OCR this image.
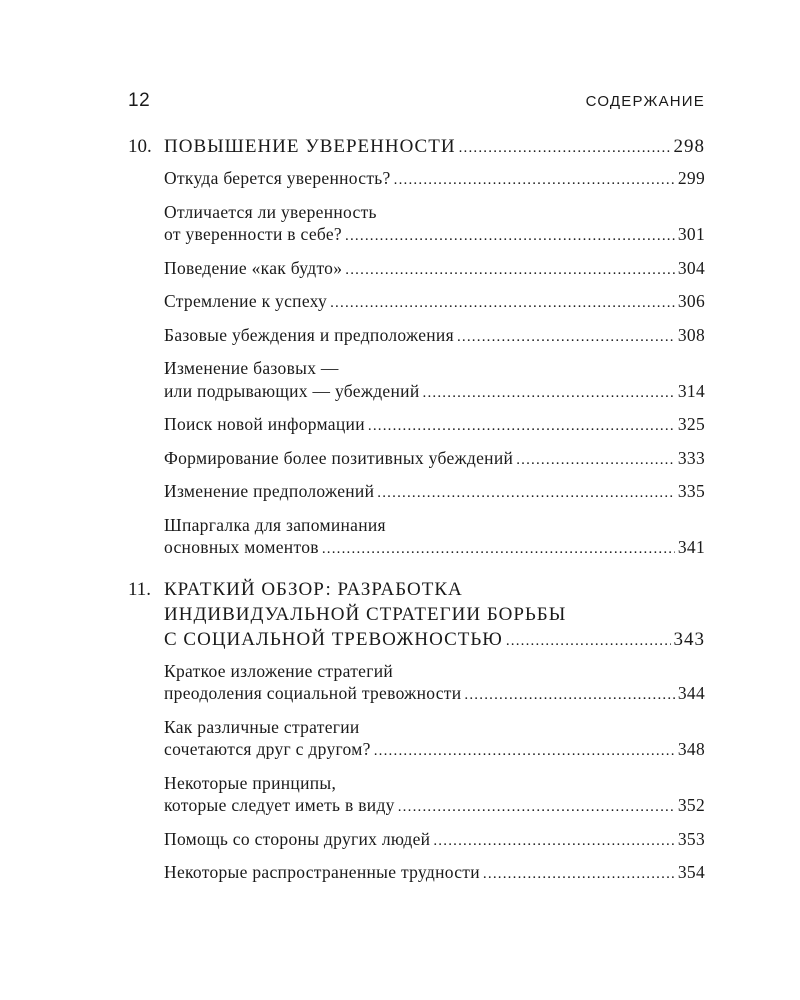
12	СОДЕРЖАНИЕ
10. ПОВЫШЕНИЕ УВЕРЕННОСТИ .....	298
Откуда берется уверенность? .....	299
Отличается ли уверенность
от уверенности в себе? .....	301
Поведение «как будто» .....	304
Стремление к успеху .....	306
Базовые убеждения и предположения .....	308
Изменение базовых —
или подрывающих — убеждений .....	314
Поиск новой информации .....	325
Формирование более позитивных убеждений .....	333
Изменение предположений .....	335
Шпаргалка для запоминания
основных моментов .....	341
11. КРАТКИЙ ОБЗОР: РАЗРАБОТКА
ИНДИВИДУАЛЬНОЙ СТРАТЕГИИ БОРЬБЫ
С СОЦИАЛЬНОЙ ТРЕВОЖНОСТЬЮ .....	343
Краткое изложение стратегий
преодоления социальной тревожности .....	344
Как различные стратегии
сочетаются друг с другом? .....	348
Некоторые принципы,
которые следует иметь в виду .....	352
Помощь со стороны других людей .....	353
Некоторые распространенные трудности .....	354
